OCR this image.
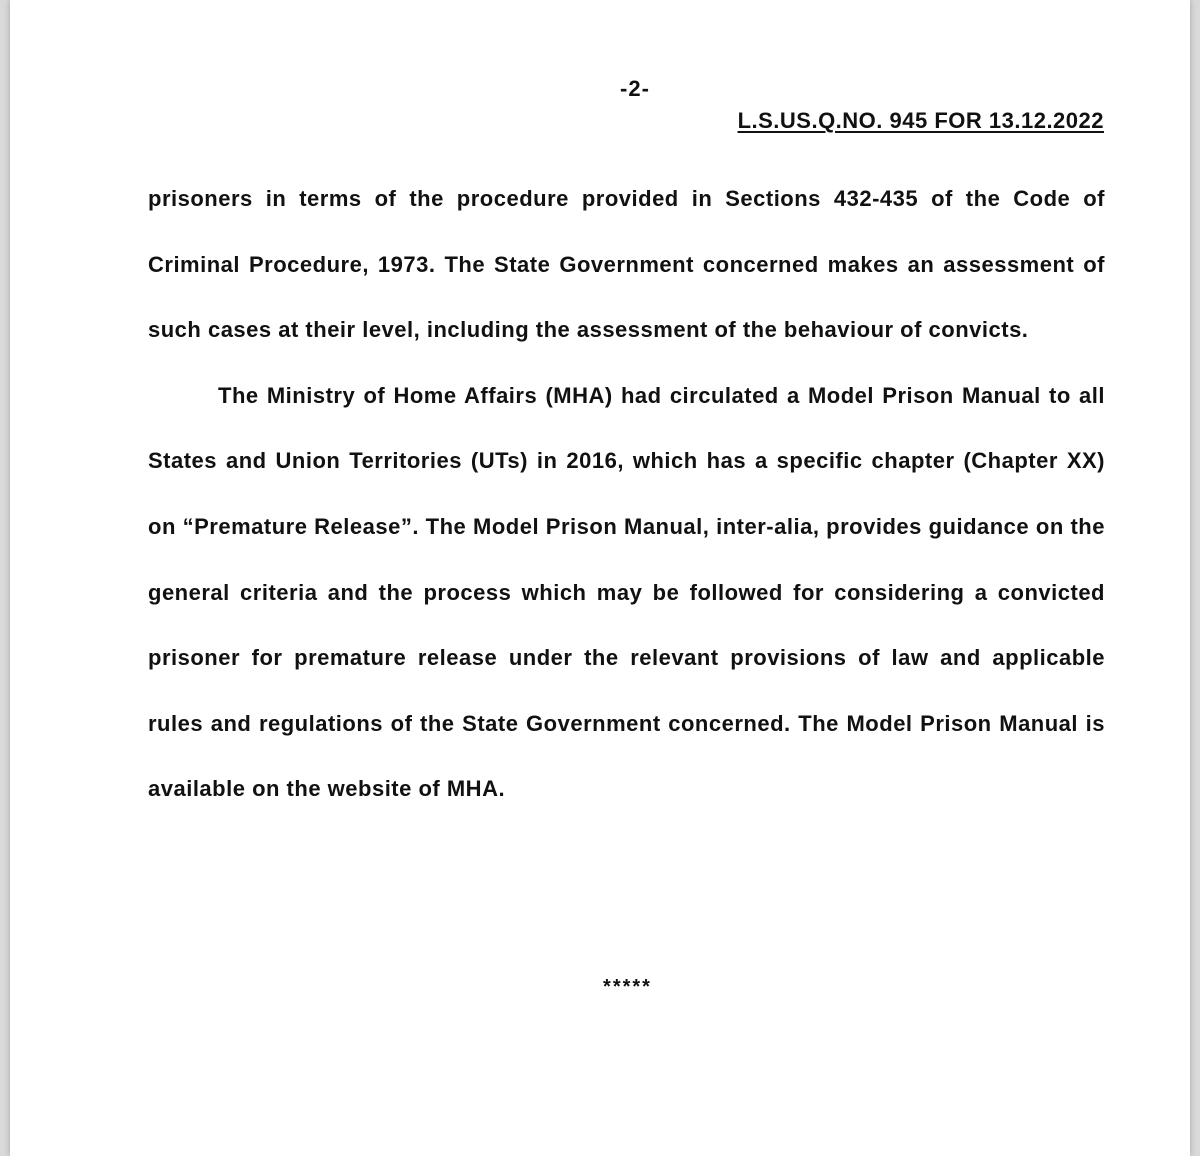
-2-
L.S.US.Q.NO. 945 FOR 13.12.2022

prisoners in terms of the procedure provided in Sections 432-435 of the Code of Criminal Procedure, 1973. The State Government concerned makes an assessment of such cases at their level, including the assessment of the behaviour of convicts.

The Ministry of Home Affairs (MHA) had circulated a Model Prison Manual to all States and Union Territories (UTs) in 2016, which has a specific chapter (Chapter XX) on “Premature Release”. The Model Prison Manual, inter-alia, provides guidance on the general criteria and the process which may be followed for considering a convicted prisoner for premature release under the relevant provisions of law and applicable rules and regulations of the State Government concerned. The Model Prison Manual is available on the website of MHA.

*****
